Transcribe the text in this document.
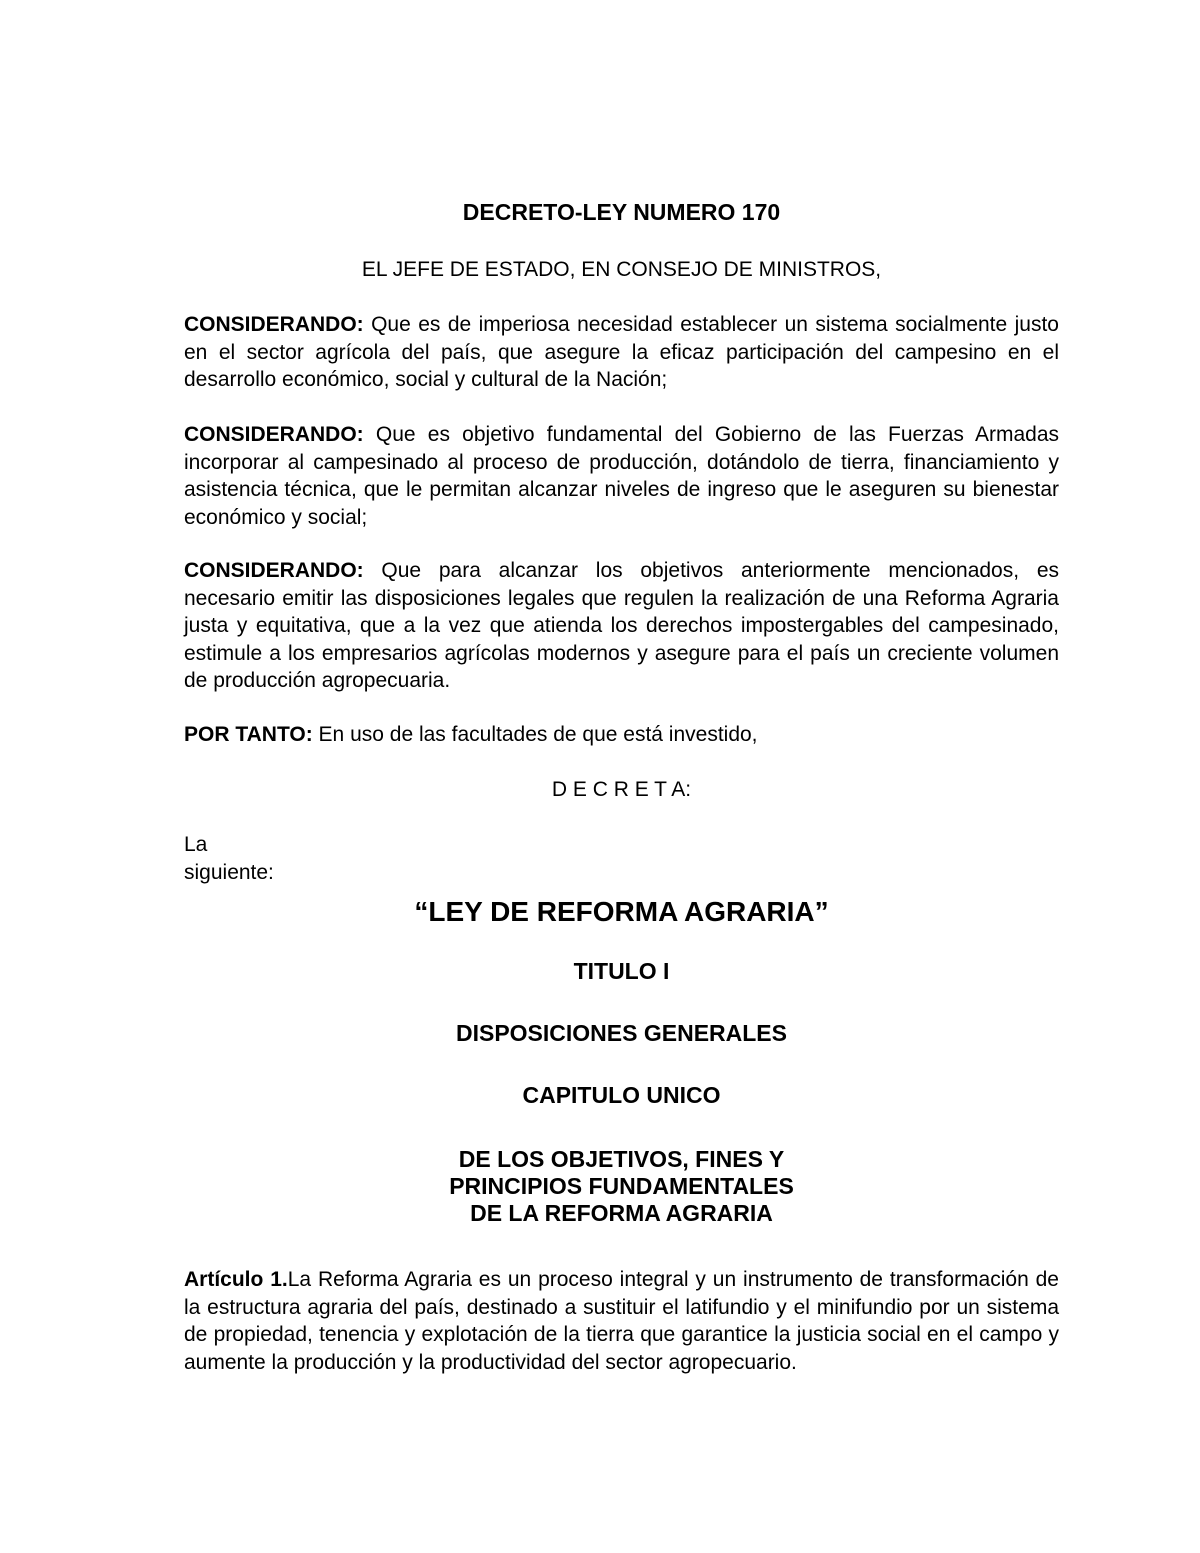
DECRETO-LEY NUMERO 170
EL JEFE DE ESTADO, EN CONSEJO DE MINISTROS,
CONSIDERANDO: Que es de imperiosa necesidad establecer un sistema socialmente justo en el sector agrícola del país, que asegure la eficaz participación del campesino en el desarrollo económico, social y cultural de la Nación;
CONSIDERANDO: Que es objetivo fundamental del Gobierno de las Fuerzas Armadas incorporar al campesinado al proceso de producción, dotándolo de tierra, financiamiento y asistencia técnica, que le permitan alcanzar niveles de ingreso que le aseguren su bienestar económico y social;
CONSIDERANDO: Que para alcanzar los objetivos anteriormente mencionados, es necesario emitir las disposiciones legales que regulen la realización de una Reforma Agraria justa y equitativa, que a la vez que atienda los derechos impostergables del campesinado, estimule a los empresarios agrícolas modernos y asegure para el país un creciente volumen de producción agropecuaria.
POR TANTO: En uso de las facultades de que está investido,
D E C R E T A:
La siguiente:
“LEY DE REFORMA AGRARIA”
TITULO I
DISPOSICIONES GENERALES
CAPITULO UNICO
DE LOS OBJETIVOS, FINES Y
PRINCIPIOS FUNDAMENTALES
DE LA REFORMA AGRARIA
Artículo 1.La Reforma Agraria es un proceso integral y un instrumento de transformación de la estructura agraria del país, destinado a sustituir el latifundio y el minifundio por un sistema de propiedad, tenencia y explotación de la tierra que garantice la justicia social en el campo y aumente la producción y la productividad del sector agropecuario.
